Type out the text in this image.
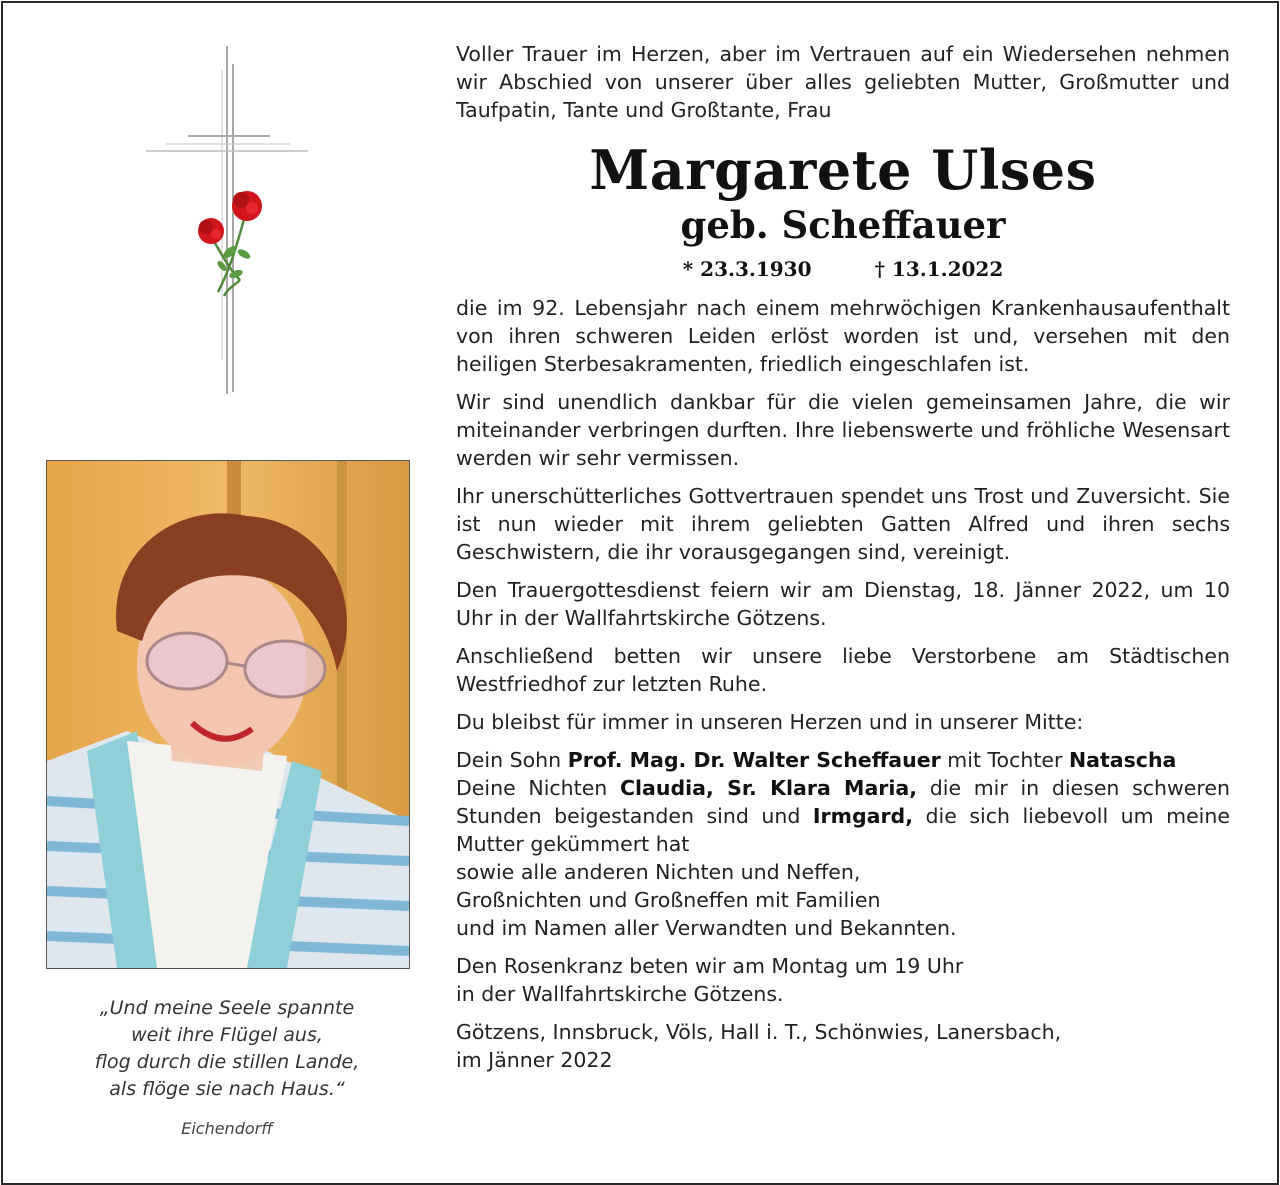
„Und meine Seele spannte
weit ihre Flügel aus,
flog durch die stillen Lande,
als flöge sie nach Haus.“
Eichendorff

Voller Trauer im Herzen, aber im Vertrauen auf ein Wiedersehen nehmen wir Abschied von unserer über alles geliebten Mutter, Großmutter und Taufpatin, Tante und Großtante, Frau

Margarete Ulses
geb. Scheffauer
* 23.3.1930	† 13.1.2022

die im 92. Lebensjahr nach einem mehrwöchigen Krankenhausaufenthalt von ihren schweren Leiden erlöst worden ist und, versehen mit den heiligen Sterbesakramenten, friedlich eingeschlafen ist.

Wir sind unendlich dankbar für die vielen gemeinsamen Jahre, die wir miteinander verbringen durften. Ihre liebenswerte und fröhliche Wesensart werden wir sehr vermissen.

Ihr unerschütterliches Gottvertrauen spendet uns Trost und Zuversicht. Sie ist nun wieder mit ihrem geliebten Gatten Alfred und ihren sechs Geschwistern, die ihr vorausgegangen sind, vereinigt.

Den Trauergottesdienst feiern wir am Dienstag, 18. Jänner 2022, um 10 Uhr in der Wallfahrtskirche Götzens.

Anschließend betten wir unsere liebe Verstorbene am Städtischen Westfriedhof zur letzten Ruhe.

Du bleibst für immer in unseren Herzen und in unserer Mitte:

Dein Sohn Prof. Mag. Dr. Walter Scheffauer mit Tochter Natascha

Deine Nichten Claudia, Sr. Klara Maria, die mir in diesen schweren Stunden beigestanden sind und Irmgard, die sich liebevoll um meine Mutter gekümmert hat

sowie alle anderen Nichten und Neffen,

Großnichten und Großneffen mit Familien

und im Namen aller Verwandten und Bekannten.

Den Rosenkranz beten wir am Montag um 19 Uhr

in der Wallfahrtskirche Götzens.

Götzens, Innsbruck, Völs, Hall i. T., Schönwies, Lanersbach,

im Jänner 2022
